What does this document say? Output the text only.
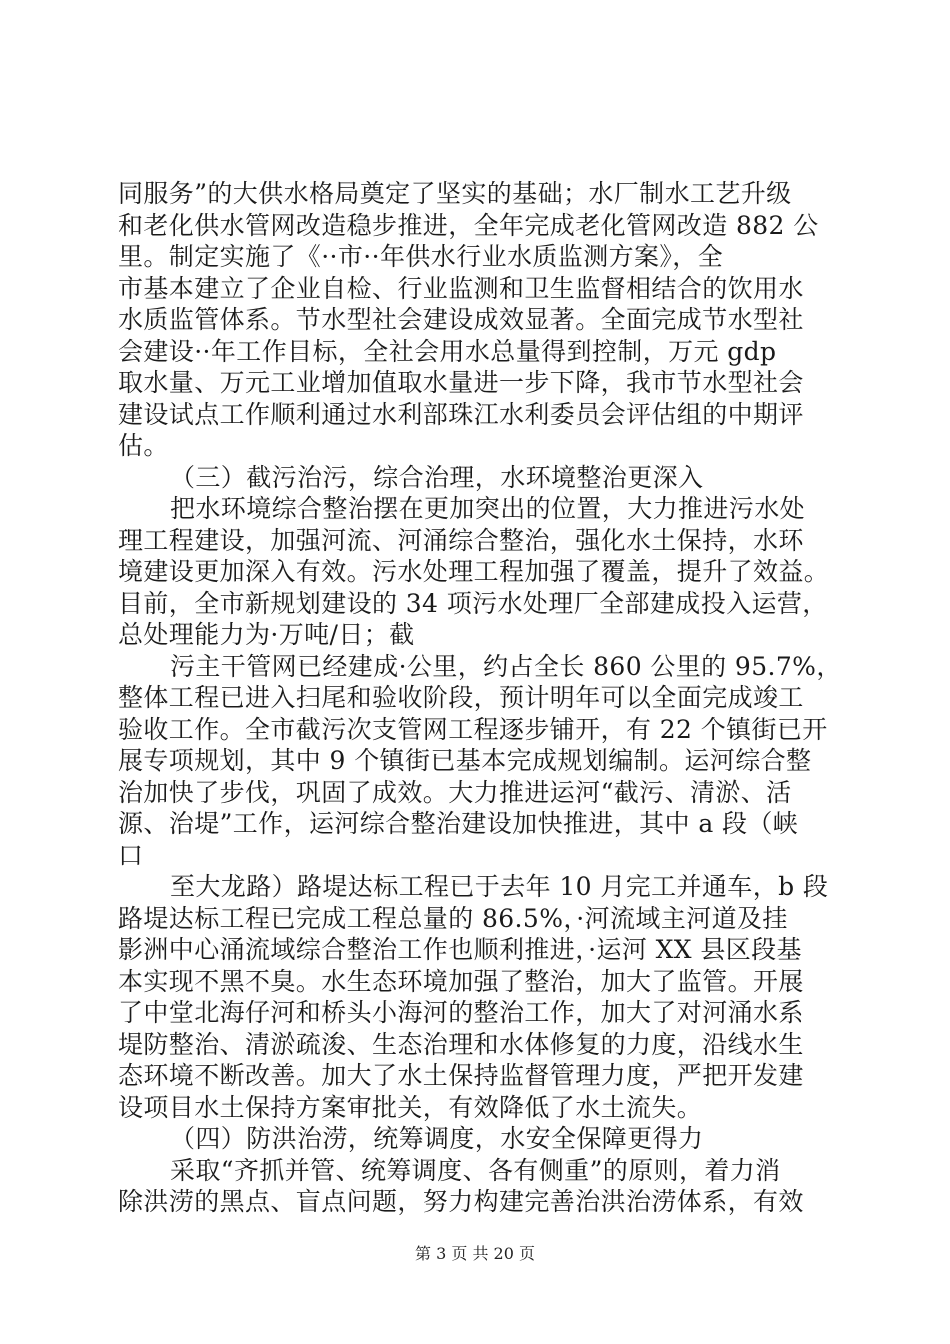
同服务”的大供水格局奠定了坚实的基础；水厂制水工艺升级
和老化供水管网改造稳步推进，全年完成老化管网改造 882 公
里。制定实施了《··市··年供水行业水质监测方案》，全
市基本建立了企业自检、行业监测和卫生监督相结合的饮用水
水质监管体系。节水型社会建设成效显著。全面完成节水型社
会建设··年工作目标，全社会用水总量得到控制，万元 gdp
取水量、万元工业增加值取水量进一步下降，我市节水型社会
建设试点工作顺利通过水利部珠江水利委员会评估组的中期评
估。
（三）截污治污，综合治理，水环境整治更深入
把水环境综合整治摆在更加突出的位置，大力推进污水处
理工程建设，加强河流、河涌综合整治，强化水土保持，水环
境建设更加深入有效。污水处理工程加强了覆盖，提升了效益。
目前，全市新规划建设的 34 项污水处理厂全部建成投入运营，
总处理能力为·万吨/日；截
污主干管网已经建成·公里，约占全长 860 公里的 95.7%，
整体工程已进入扫尾和验收阶段，预计明年可以全面完成竣工
验收工作。全市截污次支管网工程逐步铺开，有 22 个镇街已开
展专项规划，其中 9 个镇街已基本完成规划编制。运河综合整
治加快了步伐，巩固了成效。大力推进运河“截污、清淤、活
源、治堤”工作，运河综合整治建设加快推进，其中 a 段（峡
口
至大龙路）路堤达标工程已于去年 10 月完工并通车，b 段
路堤达标工程已完成工程总量的 86.5%，·河流域主河道及挂
影洲中心涌流域综合整治工作也顺利推进，·运河 XX 县区段基
本实现不黑不臭。水生态环境加强了整治，加大了监管。开展
了中堂北海仔河和桥头小海河的整治工作，加大了对河涌水系
堤防整治、清淤疏浚、生态治理和水体修复的力度，沿线水生
态环境不断改善。加大了水土保持监督管理力度，严把开发建
设项目水土保持方案审批关，有效降低了水土流失。
（四）防洪治涝，统筹调度，水安全保障更得力
采取“齐抓并管、统筹调度、各有侧重”的原则，着力消
除洪涝的黑点、盲点问题，努力构建完善治洪治涝体系，有效
第 3 页 共 20 页
